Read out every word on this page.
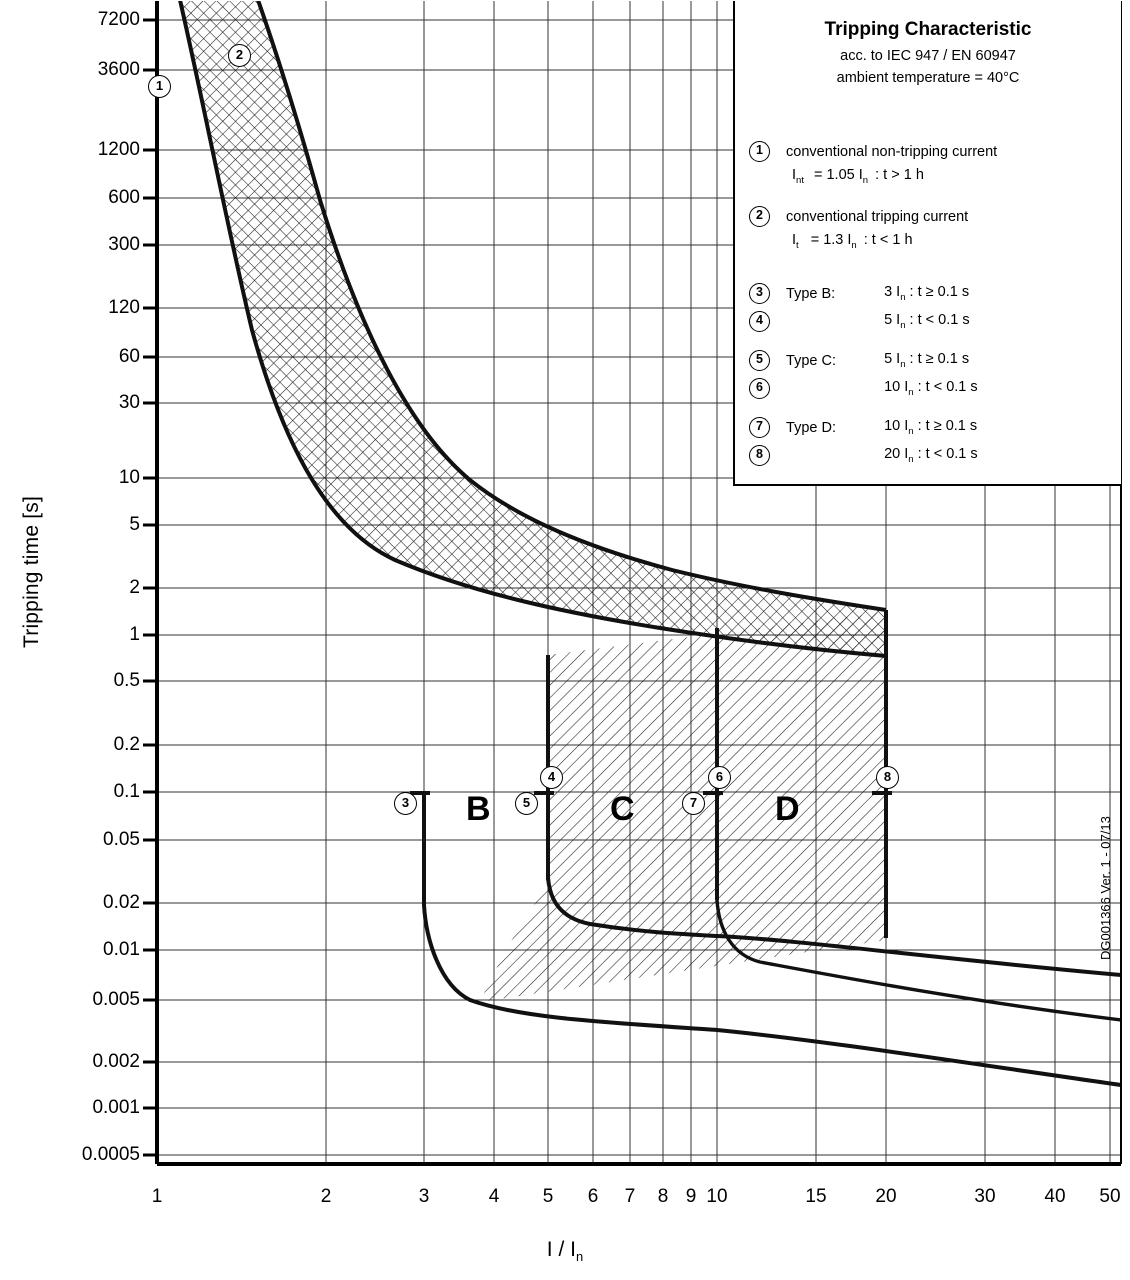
Tripping time [s]
7200
3600
1200
600
300
120
60
30
10
5
2
1
0.5
0.2
0.1
0.05
0.02
0.01
0.005
0.002
0.001
0.0005
1	2	3	4	5	6	7	8 9 10	15	20	30	40	50
I / $I_n$
Tripping Characteristic
acc. to IEC 947 / EN 60947
ambient temperature = 40°C
1 conventional non-tripping current
$I_{nt} = 1.05$ $I_n$ : t > 1 h
2 conventional tripping current
$I_t = 1.3$ $I_n$ : t < 1 h
3 Type B:	3 $I_n$ : t ≥ 0.1 s
4	5 $I_n$ : t < 0.1 s
5 Type C:	5 $I_n$ : t ≥ 0.1 s
6	10 $I_n$ : t < 0.1 s
7 Type D:	10 $I_n$ : t ≥ 0.1 s
8	20 $I_n$ : t < 0.1 s
1
2
3
4
5
6
7
8
B	C	D
DG001366 Ver. 1 - 07/13
